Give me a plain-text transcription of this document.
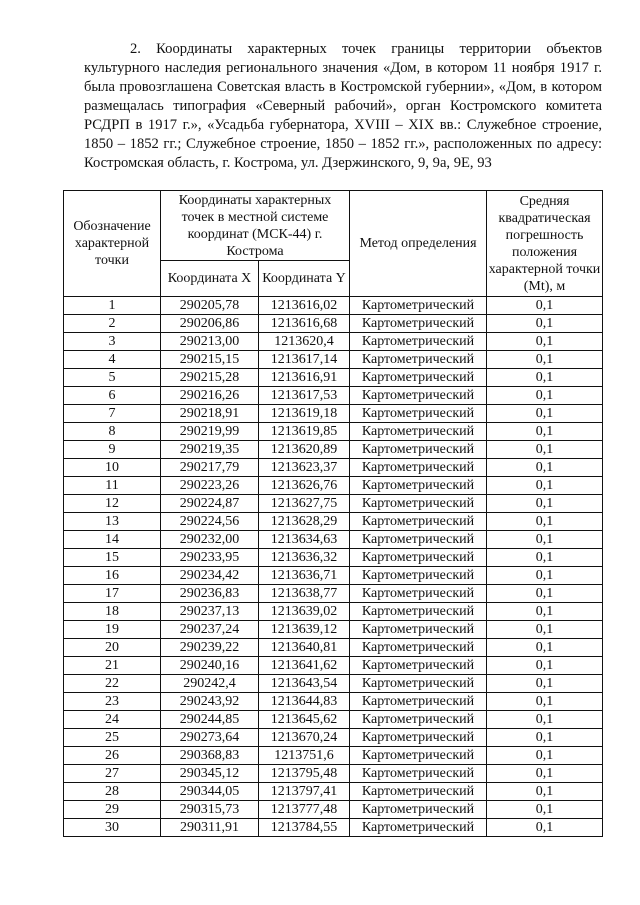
2. Координаты характерных точек границы территории объектов культурного наследия регионального значения «Дом, в котором 11 ноября 1917 г. была провозглашена Советская власть в Костромской губернии», «Дом, в котором размещалась типография «Северный рабочий», орган Костромского комитета РСДРП в 1917 г.», «Усадьба губернатора, XVIII – XIX вв.: Служебное строение, 1850 – 1852 гг.; Служебное строение, 1850 – 1852 гг.», расположенных по адресу: Костромская область, г. Кострома, ул. Дзержинского, 9, 9а, 9Е, 93
Обозначение характерной точки	Координаты характерных точек в местной системе координат (МСК-44) г. Кострома		Метод определения	Средняя квадратическая погрешность положения характерной точки (Mt), м
	Координата X	Координата Y		
1	290205,78	1213616,02	Картометрический	0,1
2	290206,86	1213616,68	Картометрический	0,1
3	290213,00	1213620,4	Картометрический	0,1
4	290215,15	1213617,14	Картометрический	0,1
5	290215,28	1213616,91	Картометрический	0,1
6	290216,26	1213617,53	Картометрический	0,1
7	290218,91	1213619,18	Картометрический	0,1
8	290219,99	1213619,85	Картометрический	0,1
9	290219,35	1213620,89	Картометрический	0,1
10	290217,79	1213623,37	Картометрический	0,1
11	290223,26	1213626,76	Картометрический	0,1
12	290224,87	1213627,75	Картометрический	0,1
13	290224,56	1213628,29	Картометрический	0,1
14	290232,00	1213634,63	Картометрический	0,1
15	290233,95	1213636,32	Картометрический	0,1
16	290234,42	1213636,71	Картометрический	0,1
17	290236,83	1213638,77	Картометрический	0,1
18	290237,13	1213639,02	Картометрический	0,1
19	290237,24	1213639,12	Картометрический	0,1
20	290239,22	1213640,81	Картометрический	0,1
21	290240,16	1213641,62	Картометрический	0,1
22	290242,4	1213643,54	Картометрический	0,1
23	290243,92	1213644,83	Картометрический	0,1
24	290244,85	1213645,62	Картометрический	0,1
25	290273,64	1213670,24	Картометрический	0,1
26	290368,83	1213751,6	Картометрический	0,1
27	290345,12	1213795,48	Картометрический	0,1
28	290344,05	1213797,41	Картометрический	0,1
29	290315,73	1213777,48	Картометрический	0,1
30	290311,91	1213784,55	Картометрический	0,1
